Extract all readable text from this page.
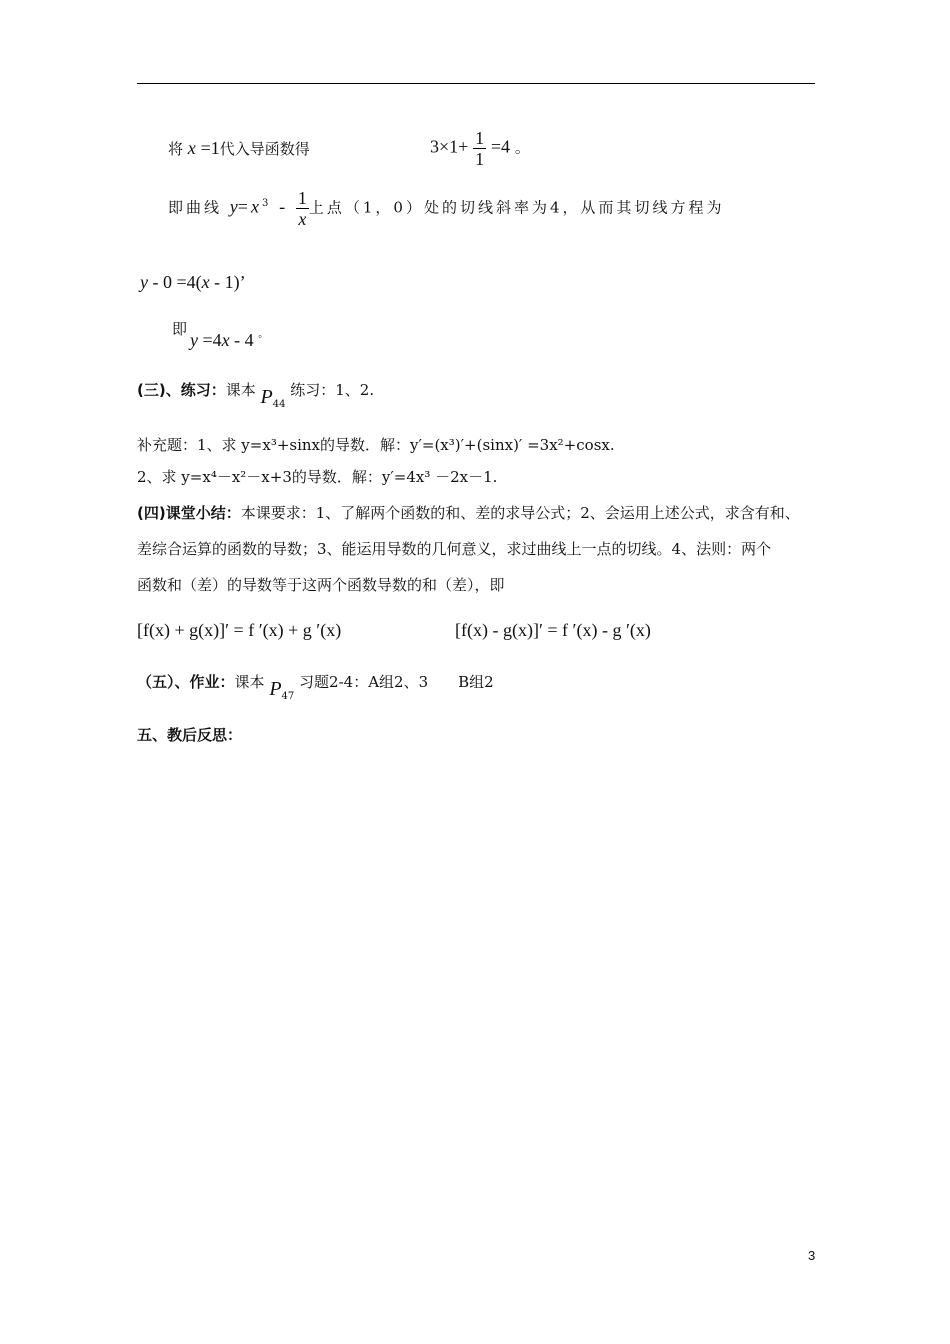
将 x =1代入导函数得	$3\times 1+ \frac{1}{1} =4$ 。
即曲线 $y=x^3 - \frac{1}{x}$ 上点（1，0）处的切线斜率为4，从而其切线方程为
y - 0 =4(x - 1)’
即
y =4x - 4 ◦
(三)、练习：课本 $P_{44}$ 练习：1、2.
补充题：1、求 y=x³+sinx的导数．解：y′=(x³)′+(sinx)′ =3x²+cosx.
2、求 y=x⁴－x²－x+3的导数．解：y′=4x³ －2x－1.
(四)课堂小结：本课要求：1、了解两个函数的和、差的求导公式；2、会运用上述公式，求含有和、
差综合运算的函数的导数；3、能运用导数的几何意义，求过曲线上一点的切线。4、法则：两个
函数和（差）的导数等于这两个函数导数的和（差），即
[f(x) + g(x)]′ = f ′(x) + g ′(x)	[f(x) - g(x)]′ = f ′(x) - g ′(x)
（五）、作业：课本 $P_{47}$ 习题2-4：A组2、3　　B组2
五、教后反思：
3
